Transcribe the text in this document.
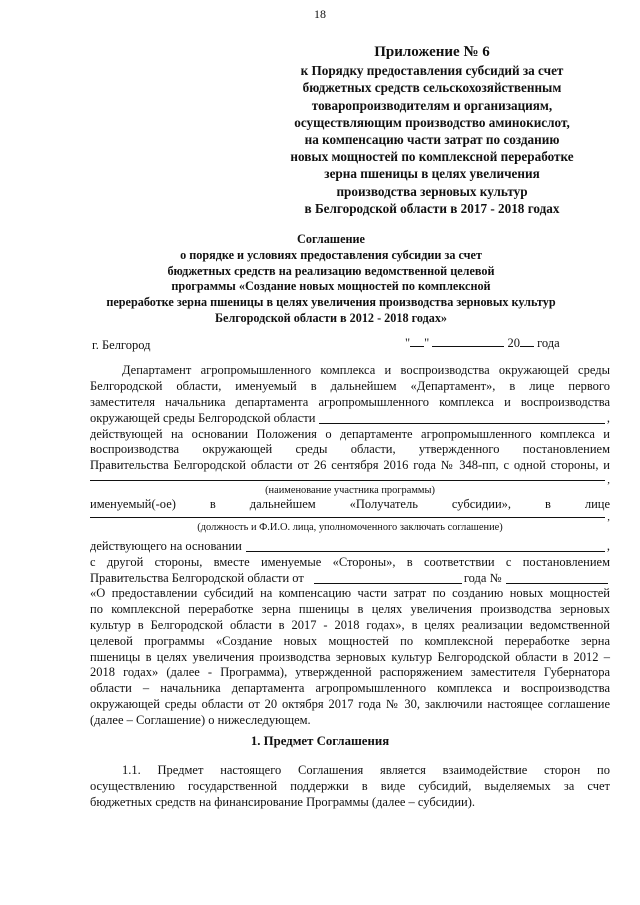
18
Приложение № 6
к Порядку предоставления субсидий за счет
бюджетных средств сельскохозяйственным
товаропроизводителям и организациям,
осуществляющим производство аминокислот,
на компенсацию части затрат по созданию
новых мощностей по комплексной переработке
зерна пшеницы в целях увеличения
производства зерновых культур
в Белгородской области в 2017 - 2018 годах
Соглашение
о порядке и условиях предоставления субсидии за счет
бюджетных средств на реализацию ведомственной целевой
программы «Создание новых мощностей по комплексной
переработке зерна пшеницы в целях увеличения производства зерновых культур
Белгородской области в 2012 - 2018 годах»
г. Белгород	" "	20 года
Департамент агропромышленного комплекса и воспроизводства окружающей среды
Белгородской области, именуемый в дальнейшем «Департамент», в лице первого
заместителя начальника департамента агропромышленного комплекса и воспроизводства
окружающей среды Белгородской области	,
действующей на основании Положения о департаменте агропромышленного комплекса и
воспроизводства окружающей среды области, утвержденного постановлением
Правительства Белгородской области от 26 сентября 2016 года № 348-пп, с одной стороны, и
,
(наименование участника программы)
именуемый(-ое)	в	дальнейшем	«Получатель	субсидии»,	в	лице
,
(должность и Ф.И.О. лица, уполномоченного заключать соглашение)
действующего на основании	,
с другой стороны, вместе именуемые «Стороны», в соответствии с постановлением
Правительства Белгородской области от	года №
«О предоставлении субсидий на компенсацию части затрат по созданию новых мощностей
по комплексной переработке зерна пшеницы в целях увеличения производства зерновых
культур в Белгородской области в 2017 - 2018 годах», в целях реализации ведомственной
целевой программы «Создание новых мощностей по комплексной переработке зерна
пшеницы в целях увеличения производства зерновых культур Белгородской области в 2012 –
2018 годах» (далее - Программа), утвержденной распоряжением заместителя Губернатора
области – начальника департамента агропромышленного комплекса и воспроизводства
окружающей среды области от 20 октября 2017 года № 30, заключили настоящее соглашение
(далее – Соглашение) о нижеследующем.
1. Предмет Соглашения
1.1. Предмет настоящего Соглашения является взаимодействие сторон по
осуществлению государственной поддержки в виде субсидий, выделяемых за счет
бюджетных средств на финансирование Программы (далее – субсидии).
